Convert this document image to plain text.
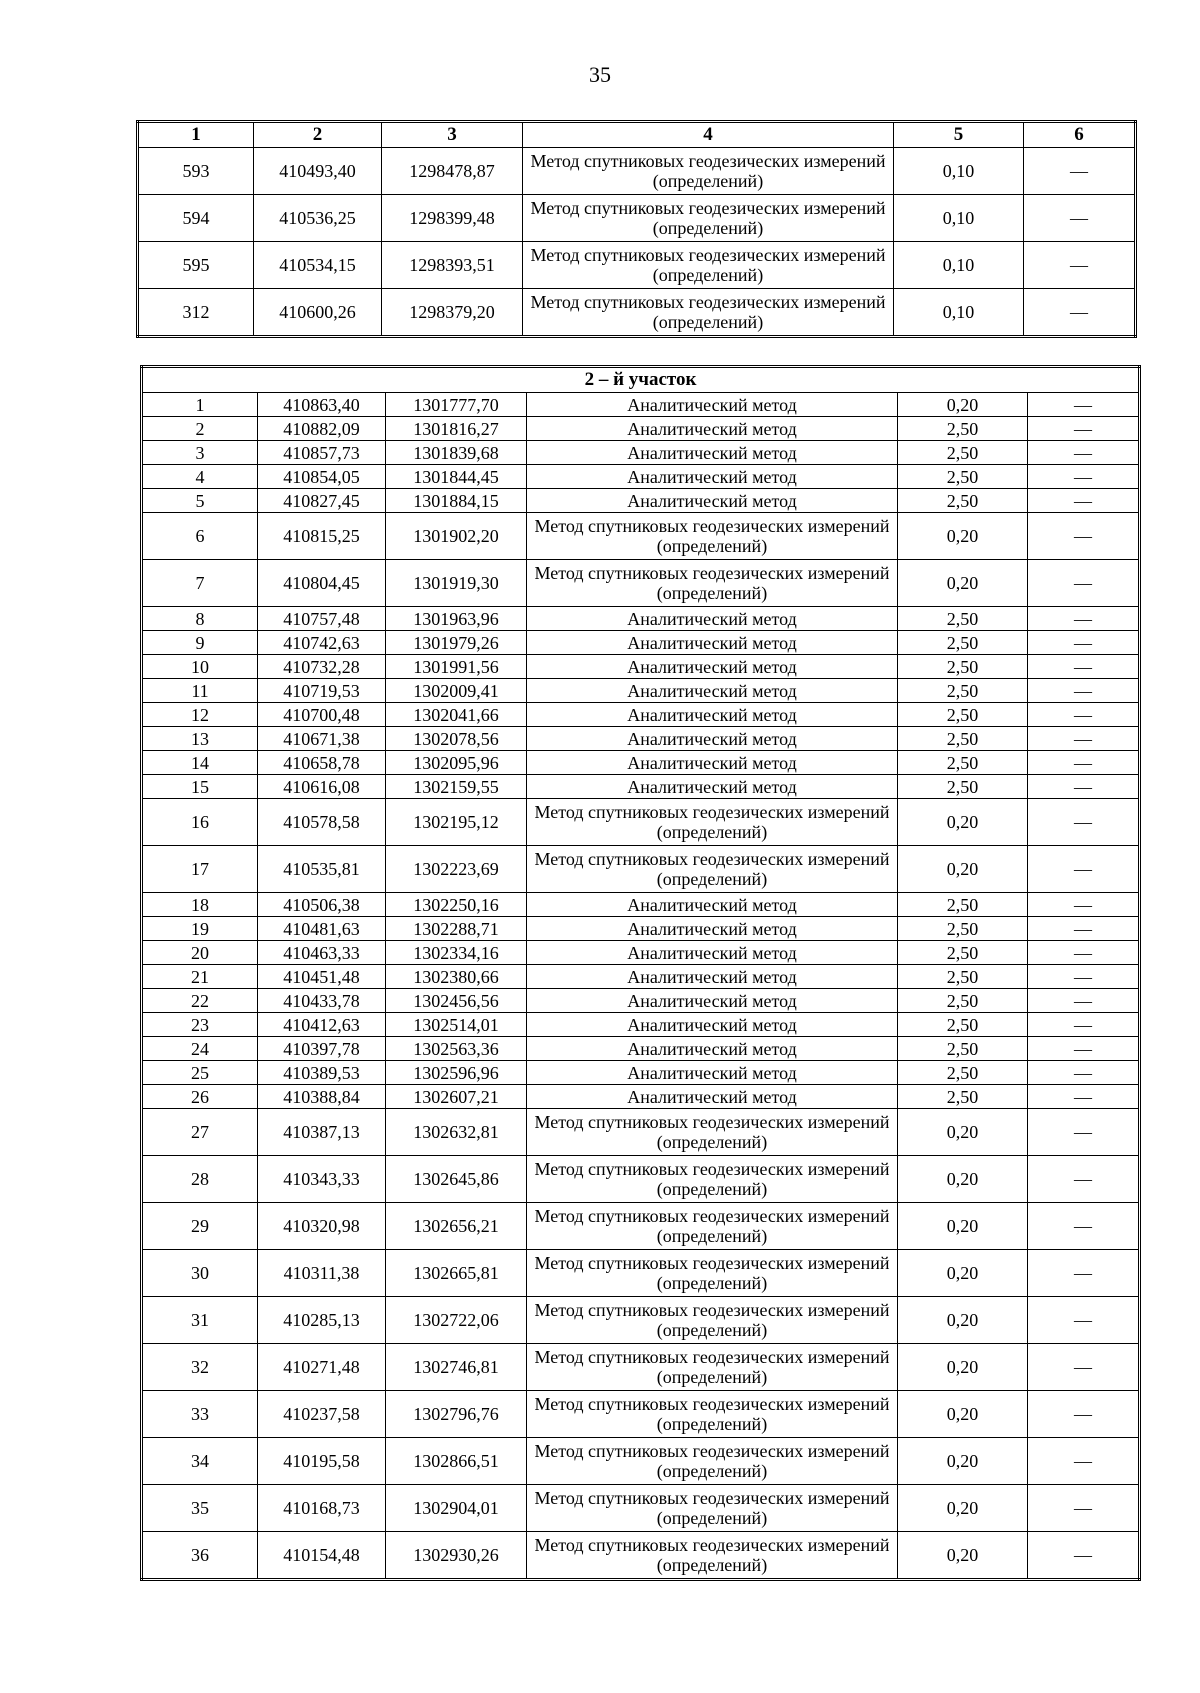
35
1	2	3	4	5	6
593	410493,40	1298478,87	Метод спутниковых геодезических измерений (определений)	0,10	—
594	410536,25	1298399,48	Метод спутниковых геодезических измерений (определений)	0,10	—
595	410534,15	1298393,51	Метод спутниковых геодезических измерений (определений)	0,10	—
312	410600,26	1298379,20	Метод спутниковых геодезических измерений (определений)	0,10	—
2 – й участок					
1	410863,40	1301777,70	Аналитический метод	0,20	—
2	410882,09	1301816,27	Аналитический метод	2,50	—
3	410857,73	1301839,68	Аналитический метод	2,50	—
4	410854,05	1301844,45	Аналитический метод	2,50	—
5	410827,45	1301884,15	Аналитический метод	2,50	—
6	410815,25	1301902,20	Метод спутниковых геодезических измерений (определений)	0,20	—
7	410804,45	1301919,30	Метод спутниковых геодезических измерений (определений)	0,20	—
8	410757,48	1301963,96	Аналитический метод	2,50	—
9	410742,63	1301979,26	Аналитический метод	2,50	—
10	410732,28	1301991,56	Аналитический метод	2,50	—
11	410719,53	1302009,41	Аналитический метод	2,50	—
12	410700,48	1302041,66	Аналитический метод	2,50	—
13	410671,38	1302078,56	Аналитический метод	2,50	—
14	410658,78	1302095,96	Аналитический метод	2,50	—
15	410616,08	1302159,55	Аналитический метод	2,50	—
16	410578,58	1302195,12	Метод спутниковых геодезических измерений (определений)	0,20	—
17	410535,81	1302223,69	Метод спутниковых геодезических измерений (определений)	0,20	—
18	410506,38	1302250,16	Аналитический метод	2,50	—
19	410481,63	1302288,71	Аналитический метод	2,50	—
20	410463,33	1302334,16	Аналитический метод	2,50	—
21	410451,48	1302380,66	Аналитический метод	2,50	—
22	410433,78	1302456,56	Аналитический метод	2,50	—
23	410412,63	1302514,01	Аналитический метод	2,50	—
24	410397,78	1302563,36	Аналитический метод	2,50	—
25	410389,53	1302596,96	Аналитический метод	2,50	—
26	410388,84	1302607,21	Аналитический метод	2,50	—
27	410387,13	1302632,81	Метод спутниковых геодезических измерений (определений)	0,20	—
28	410343,33	1302645,86	Метод спутниковых геодезических измерений (определений)	0,20	—
29	410320,98	1302656,21	Метод спутниковых геодезических измерений (определений)	0,20	—
30	410311,38	1302665,81	Метод спутниковых геодезических измерений (определений)	0,20	—
31	410285,13	1302722,06	Метод спутниковых геодезических измерений (определений)	0,20	—
32	410271,48	1302746,81	Метод спутниковых геодезических измерений (определений)	0,20	—
33	410237,58	1302796,76	Метод спутниковых геодезических измерений (определений)	0,20	—
34	410195,58	1302866,51	Метод спутниковых геодезических измерений (определений)	0,20	—
35	410168,73	1302904,01	Метод спутниковых геодезических измерений (определений)	0,20	—
36	410154,48	1302930,26	Метод спутниковых геодезических измерений (определений)	0,20	—
